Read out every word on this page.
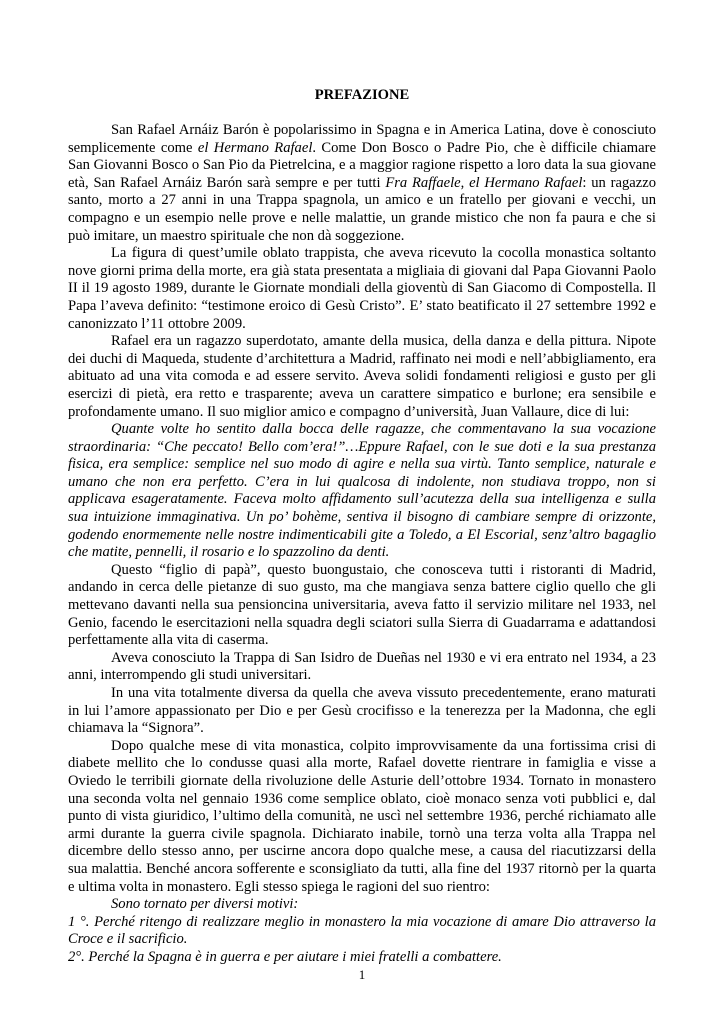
PREFAZIONE

San Rafael Arnáiz Barón è popolarissimo in Spagna e in America Latina, dove è conosciuto semplicemente come el Hermano Rafael. Come Don Bosco o Padre Pio, che è difficile chiamare San Giovanni Bosco o San Pio da Pietrelcina, e a maggior ragione rispetto a loro data la sua giovane età, San Rafael Arnáiz Barón sarà sempre e per tutti Fra Raffaele, el Hermano Rafael: un ragazzo santo, morto a 27 anni in una Trappa spagnola, un amico e un fratello per giovani e vecchi, un compagno e un esempio nelle prove e nelle malattie, un grande mistico che non fa paura e che si può imitare, un maestro spirituale che non dà soggezione.

La figura di quest’umile oblato trappista, che aveva ricevuto la cocolla monastica soltanto nove giorni prima della morte, era già stata presentata a migliaia di giovani dal Papa Giovanni Paolo II il 19 agosto 1989, durante le Giornate mondiali della gioventù di San Giacomo di Compostella. Il Papa l’aveva definito: “testimone eroico di Gesù Cristo”. E’ stato beatificato il 27 settembre 1992 e canonizzato l’11 ottobre 2009.

Rafael era un ragazzo superdotato, amante della musica, della danza e della pittura. Nipote dei duchi di Maqueda, studente d’architettura a Madrid, raffinato nei modi e nell’abbigliamento, era abituato ad una vita comoda e ad essere servito. Aveva solidi fondamenti religiosi e gusto per gli esercizi di pietà, era retto e trasparente; aveva un carattere simpatico e burlone; era sensibile e profondamente umano. Il suo miglior amico e compagno d’università, Juan Vallaure, dice di lui:

Quante volte ho sentito dalla bocca delle ragazze, che commentavano la sua vocazione straordinaria: “Che peccato! Bello com’era!”…Eppure Rafael, con le sue doti e la sua prestanza fisica, era semplice: semplice nel suo modo di agire e nella sua virtù. Tanto semplice, naturale e umano che non era perfetto. C’era in lui qualcosa di indolente, non studiava troppo, non si applicava esageratamente. Faceva molto affidamento sull’acutezza della sua intelligenza e sulla sua intuizione immaginativa. Un po’ bohème, sentiva il bisogno di cambiare sempre di orizzonte, godendo enormemente nelle nostre indimenticabili gite a Toledo, a El Escorial, senz’altro bagaglio che matite, pennelli, il rosario e lo spazzolino da denti.

Questo “figlio di papà”, questo buongustaio, che conosceva tutti i ristoranti di Madrid, andando in cerca delle pietanze di suo gusto, ma che mangiava senza battere ciglio quello che gli mettevano davanti nella sua pensioncina universitaria, aveva fatto il servizio militare nel 1933, nel Genio, facendo le esercitazioni nella squadra degli sciatori sulla Sierra di Guadarrama e adattandosi perfettamente alla vita di caserma.

Aveva conosciuto la Trappa di San Isidro de Dueñas nel 1930 e vi era entrato nel 1934, a 23 anni, interrompendo gli studi universitari.

In una vita totalmente diversa da quella che aveva vissuto precedentemente, erano maturati in lui l’amore appassionato per Dio e per Gesù crocifisso e la tenerezza per la Madonna, che egli chiamava la “Signora”.

Dopo qualche mese di vita monastica, colpito improvvisamente da una fortissima crisi di diabete mellito che lo condusse quasi alla morte, Rafael dovette rientrare in famiglia e visse a Oviedo le terribili giornate della rivoluzione delle Asturie dell’ottobre 1934. Tornato in monastero una seconda volta nel gennaio 1936 come semplice oblato, cioè monaco senza voti pubblici e, dal punto di vista giuridico, l’ultimo della comunità, ne uscì nel settembre 1936, perché richiamato alle armi durante la guerra civile spagnola. Dichiarato inabile, tornò una terza volta alla Trappa nel dicembre dello stesso anno, per uscirne ancora dopo qualche mese, a causa del riacutizzarsi della sua malattia. Benché ancora sofferente e sconsigliato da tutti, alla fine del 1937 ritornò per la quarta e ultima volta in monastero. Egli stesso spiega le ragioni del suo rientro:

Sono tornato per diversi motivi:

1 °. Perché ritengo di realizzare meglio in monastero la mia vocazione di amare Dio attraverso la Croce e il sacrificio.

2°. Perché la Spagna è in guerra e per aiutare i miei fratelli a combattere.

1
